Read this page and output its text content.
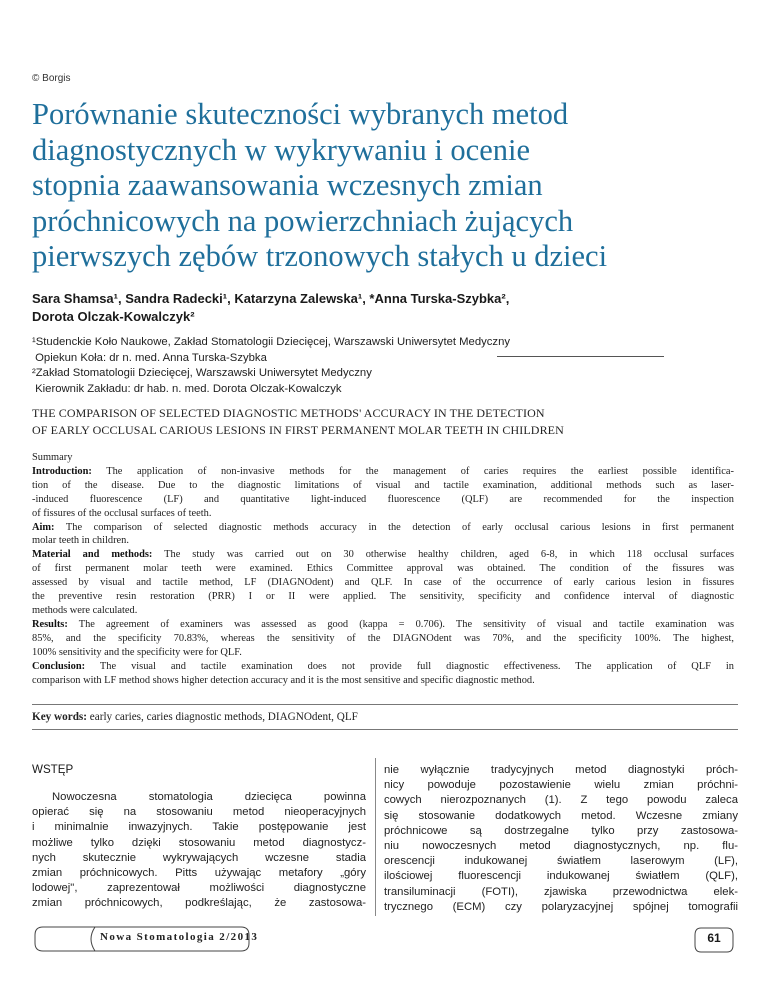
© Borgis
Porównanie skuteczności wybranych metod
diagnostycznych w wykrywaniu i ocenie
stopnia zaawansowania wczesnych zmian
próchnicowych na powierzchniach żujących
pierwszych zębów trzonowych stałych u dzieci
Sara Shamsa¹, Sandra Radecki¹, Katarzyna Zalewska¹, *Anna Turska-Szybka²,
Dorota Olczak-Kowalczyk²
¹Studenckie Koło Naukowe, Zakład Stomatologii Dziecięcej, Warszawski Uniwersytet Medyczny
Opiekun Koła: dr n. med. Anna Turska-Szybka
²Zakład Stomatologii Dziecięcej, Warszawski Uniwersytet Medyczny
Kierownik Zakładu: dr hab. n. med. Dorota Olczak-Kowalczyk
THE COMPARISON OF SELECTED DIAGNOSTIC METHODS' ACCURACY IN THE DETECTION
OF EARLY OCCLUSAL CARIOUS LESIONS IN FIRST PERMANENT MOLAR TEETH IN CHILDREN
Summary
Introduction: The application of non-invasive methods for the management of caries requires the earliest possible identifica-
tion of the disease. Due to the diagnostic limitations of visual and tactile examination, additional methods such as laser-
-induced fluorescence (LF) and quantitative light-induced fluorescence (QLF) are recommended for the inspection
of fissures of the occlusal surfaces of teeth.
Aim: The comparison of selected diagnostic methods accuracy in the detection of early occlusal carious lesions in first permanent
molar teeth in children.
Material and methods: The study was carried out on 30 otherwise healthy children, aged 6-8, in which 118 occlusal surfaces
of first permanent molar teeth were examined. Ethics Committee approval was obtained. The condition of the fissures was
assessed by visual and tactile method, LF (DIAGNOdent) and QLF. In case of the occurrence of early carious lesion in fissures
the preventive resin restoration (PRR) I or II were applied. The sensitivity, specificity and confidence interval of diagnostic
methods were calculated.
Results: The agreement of examiners was assessed as good (kappa = 0.706). The sensitivity of visual and tactile examination was
85%, and the specificity 70.83%, whereas the sensitivity of the DIAGNOdent was 70%, and the specificity 100%. The highest,
100% sensitivity and the specificity were for QLF.
Conclusion: The visual and tactile examination does not provide full diagnostic effectiveness. The application of QLF in
comparison with LF method shows higher detection accuracy and it is the most sensitive and specific diagnostic method.
Key words: early caries, caries diagnostic methods, DIAGNOdent, QLF
WSTĘP
Nowoczesna stomatologia dziecięca powinna
opierać się na stosowaniu metod nieoperacyjnych
i minimalnie inwazyjnych. Takie postępowanie jest
możliwe tylko dzięki stosowaniu metod diagnostycz-
nych skutecznie wykrywających wczesne stadia
zmian próchnicowych. Pitts używając metafory „góry
lodowej", zaprezentował możliwości diagnostyczne
zmian próchnicowych, podkreślając, że zastosowa-
nie wyłącznie tradycyjnych metod diagnostyki próch-
nicy powoduje pozostawienie wielu zmian próchni-
cowych nierozpoznanych (1). Z tego powodu zaleca
się stosowanie dodatkowych metod. Wczesne zmiany
próchnicowe są dostrzegalne tylko przy zastosowa-
niu nowoczesnych metod diagnostycznych, np. flu-
orescencji indukowanej światłem laserowym (LF),
ilościowej fluorescencji indukowanej światłem (QLF),
transiluminacji (FOTI), zjawiska przewodnictwa elek-
trycznego (ECM) czy polaryzacyjnej spójnej tomografii
Nowa Stomatologia 2/2013	61
